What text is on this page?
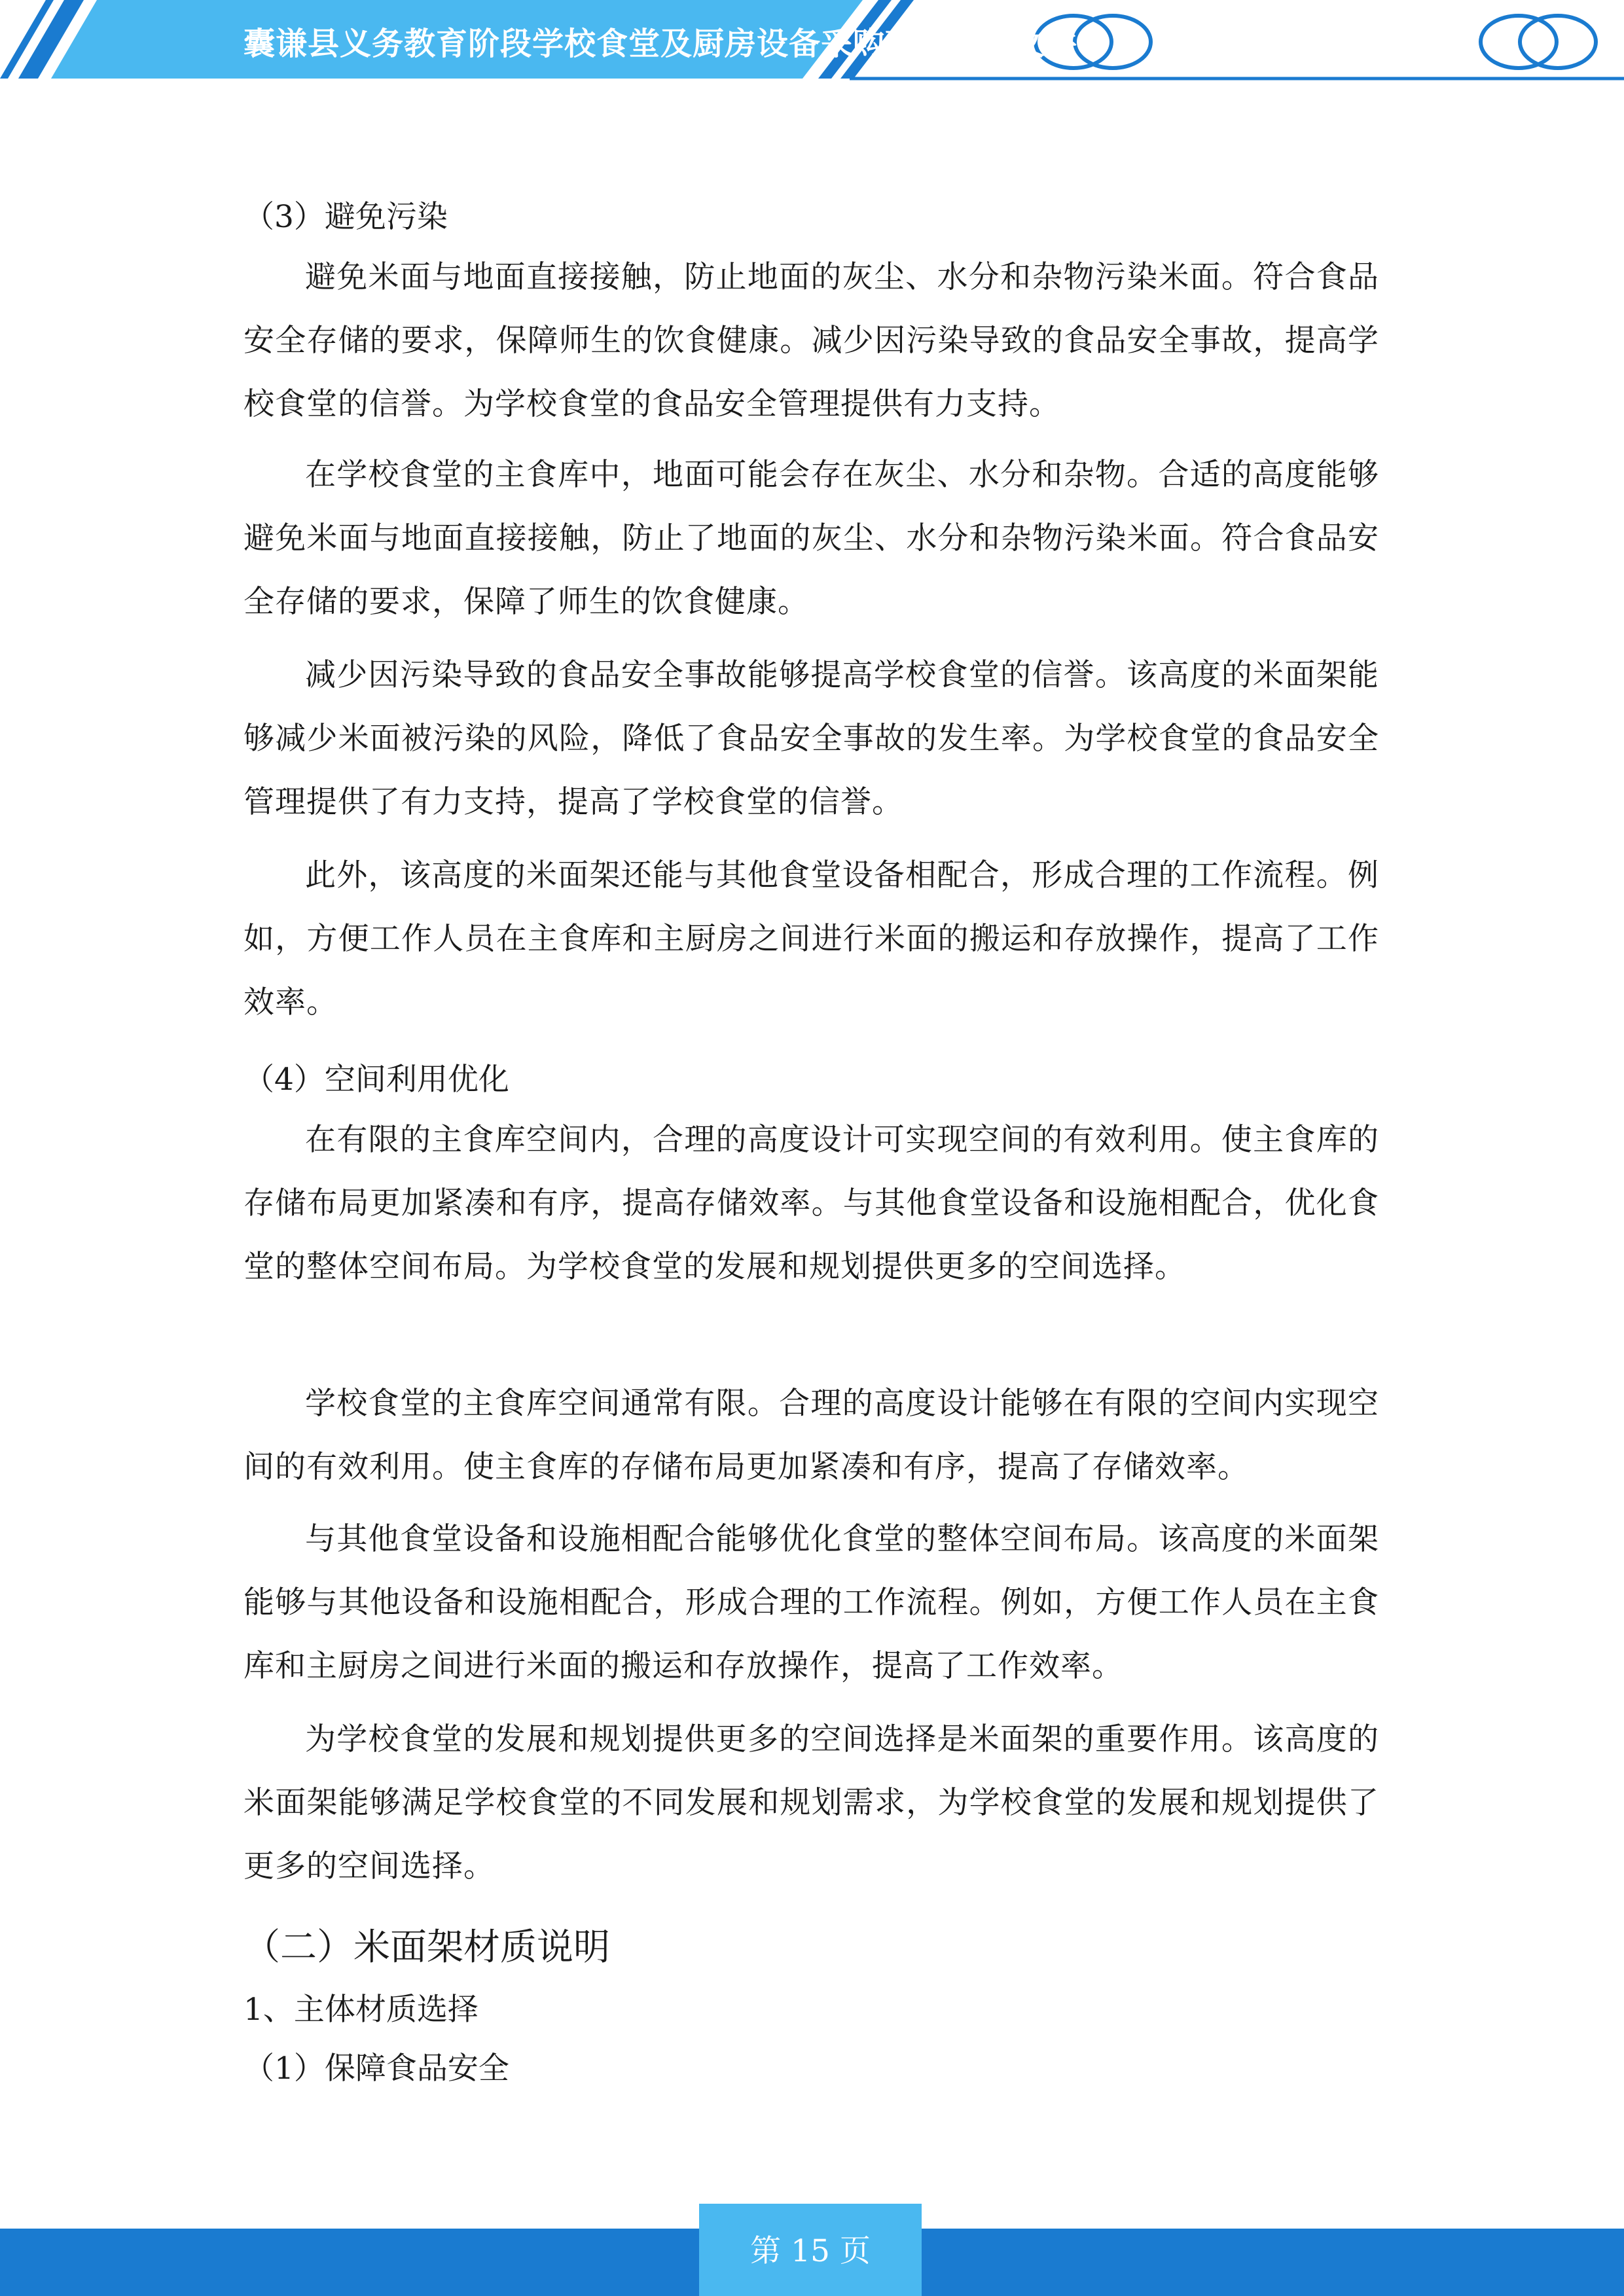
囊谦县义务教育阶段学校食堂及厨房设备采购项目投标文件
（3）避免污染

避免米面与地面直接接触，防止地面的灰尘、水分和杂物污染米面。符合食品安全存储的要求，保障师生的饮食健康。减少因污染导致的食品安全事故，提高学校食堂的信誉。为学校食堂的食品安全管理提供有力支持。

在学校食堂的主食库中，地面可能会存在灰尘、水分和杂物。合适的高度能够避免米面与地面直接接触，防止了地面的灰尘、水分和杂物污染米面。符合食品安全存储的要求，保障了师生的饮食健康。

减少因污染导致的食品安全事故能够提高学校食堂的信誉。该高度的米面架能够减少米面被污染的风险，降低了食品安全事故的发生率。为学校食堂的食品安全管理提供了有力支持，提高了学校食堂的信誉。

此外，该高度的米面架还能与其他食堂设备相配合，形成合理的工作流程。例如，方便工作人员在主食库和主厨房之间进行米面的搬运和存放操作，提高了工作效率。

（4）空间利用优化

在有限的主食库空间内，合理的高度设计可实现空间的有效利用。使主食库的存储布局更加紧凑和有序，提高存储效率。与其他食堂设备和设施相配合，优化食堂的整体空间布局。为学校食堂的发展和规划提供更多的空间选择。

学校食堂的主食库空间通常有限。合理的高度设计能够在有限的空间内实现空间的有效利用。使主食库的存储布局更加紧凑和有序，提高了存储效率。

与其他食堂设备和设施相配合能够优化食堂的整体空间布局。该高度的米面架能够与其他设备和设施相配合，形成合理的工作流程。例如，方便工作人员在主食库和主厨房之间进行米面的搬运和存放操作，提高了工作效率。

为学校食堂的发展和规划提供更多的空间选择是米面架的重要作用。该高度的米面架能够满足学校食堂的不同发展和规划需求，为学校食堂的发展和规划提供了更多的空间选择。

（二）米面架材质说明
1、主体材质选择
（1）保障食品安全
第 15 页
